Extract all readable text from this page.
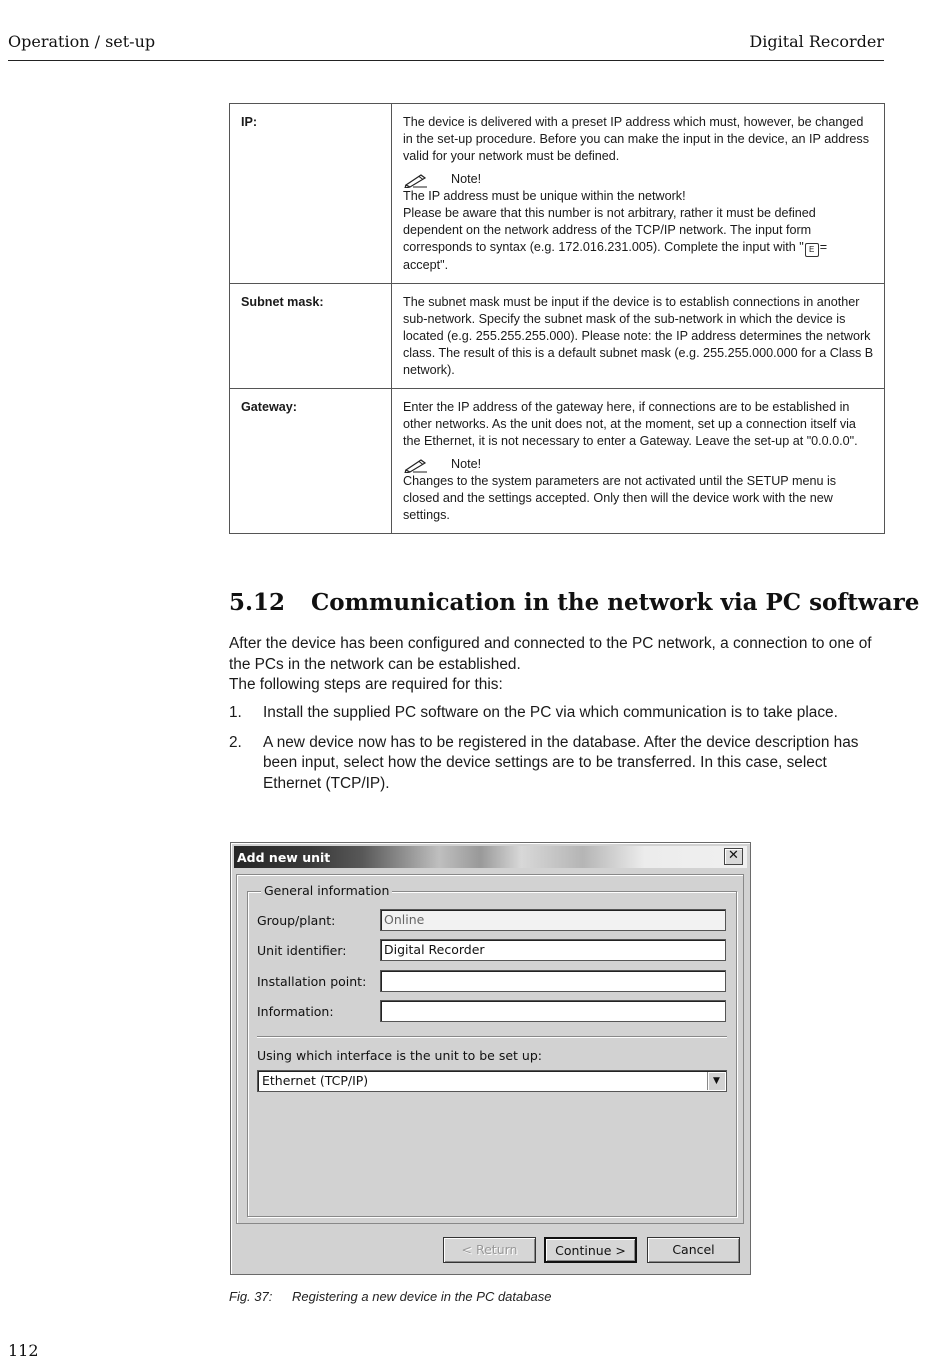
Operation / set-up	Digital Recorder
IP:	The device is delivered with a preset IP address which must, however, be changed in the set-up procedure. Before you can make the input in the device, an IP address valid for your network must be defined.

Note!

The IP address must be unique within the network!

Please be aware that this number is not arbitrary, rather it must be defined dependent on the network address of the TCP/IP network. The input form corresponds to syntax (e.g. 172.016.231.005). Complete the input with " E = accept".

Subnet mask:	The subnet mask must be input if the device is to establish connections in another sub-network. Specify the subnet mask of the sub-network in which the device is located (e.g. 255.255.255.000). Please note: the IP address determines the network class. The result of this is a default subnet mask (e.g. 255.255.000.000 for a Class B network).

Gateway:	Enter the IP address of the gateway here, if connections are to be established in other networks. As the unit does not, at the moment, set up a connection itself via the Ethernet, it is not necessary to enter a Gateway. Leave the set-up at "0.0.0.0".

Note!

Changes to the system parameters are not activated until the SETUP menu is closed and the settings accepted. Only then will the device work with the new settings.

5.12 Communication in the network via PC software
After the device has been configured and connected to the PC network, a connection to one of the PCs in the network can be established.
The following steps are required for this:
1.	Install the supplied PC software on the PC via which communication is to take place.
2.	A new device now has to be registered in the database. After the device description has been input, select how the device settings are to be transferred. In this case, select Ethernet (TCP/IP).
Add new unit	✕
General information
Group/plant:	Online
Unit identifier:	Digital Recorder
Installation point:
Information:
Using which interface is the unit to be set up:
Ethernet (TCP/IP)	▼
< Return	Continue >	Cancel
Fig. 37: Registering a new device in the PC database
112
